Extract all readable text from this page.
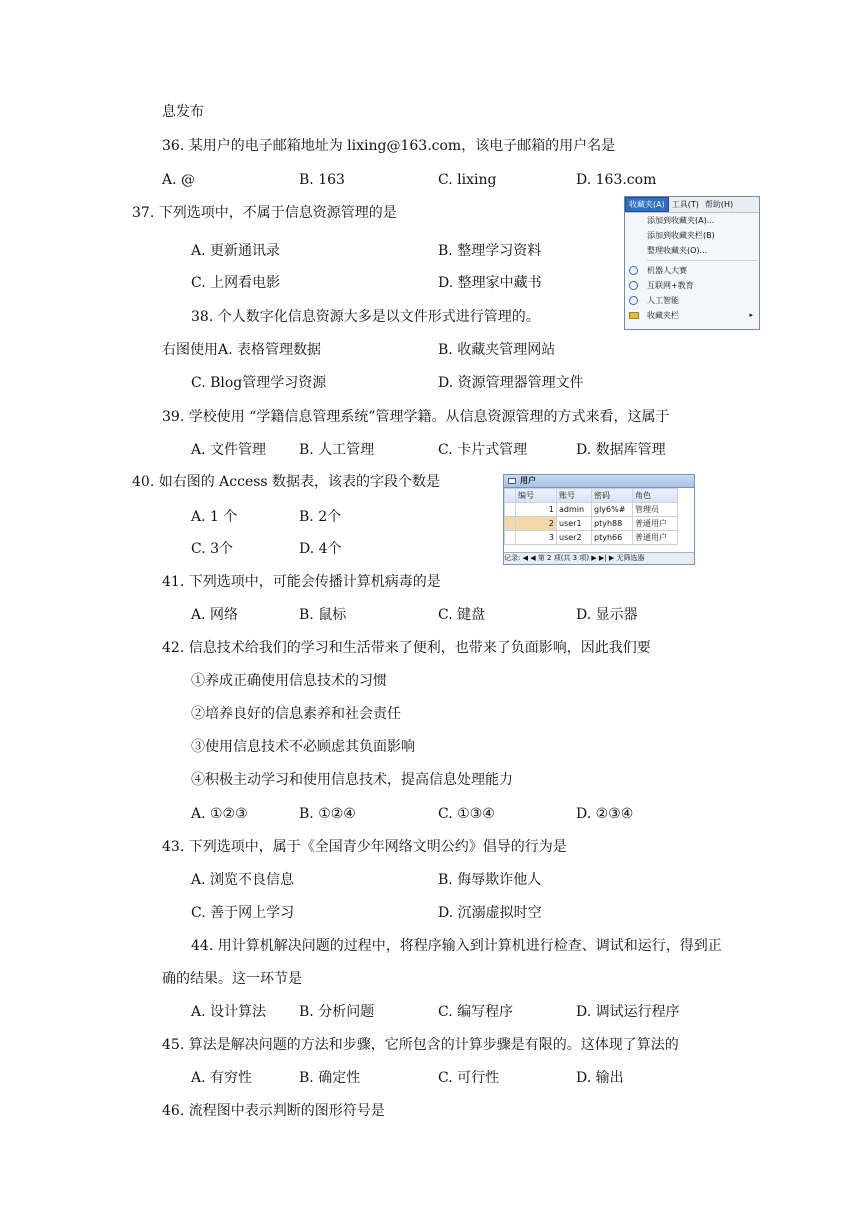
息发布
36. 某用户的电子邮箱地址为 lixing@163.com，该电子邮箱的用户名是
A. @	B. 163	C. lixing	D. 163.com
37. 下列选项中，不属于信息资源管理的是
A. 更新通讯录	B. 整理学习资料
C. 上网看电影	D. 整理家中藏书
38. 个人数字化信息资源大多是以文件形式进行管理的。
右图使用A. 表格管理数据	B. 收藏夹管理网站
C. Blog管理学习资源	D. 资源管理器管理文件
收藏夹(A) 工具(T) 帮助(H)
添加到收藏夹(A)...
添加到收藏夹栏(B)
整理收藏夹(O)...
机器人大赛
互联网+教育
人工智能
收藏夹栏	▸
39. 学校使用 “学籍信息管理系统”管理学籍。从信息资源管理的方式来看，这属于
A. 文件管理 B. 人工管理	C. 卡片式管理	D. 数据库管理
40. 如右图的 Access 数据表，该表的字段个数是
A. 1 个	B. 2个
C. 3个	D. 4个
用户
	编号	账号	密码	角色
	1	admin	gly6%#	管理员
	2	user1	ptyh88	普通用户
	3	user2	ptyh66	普通用户
记录: ◀ ◀ 第 2 项(共 3 项) ▶ ▶| ▶ 无筛选器
41. 下列选项中，可能会传播计算机病毒的是
A. 网络	B. 鼠标	C. 键盘	D. 显示器
42. 信息技术给我们的学习和生活带来了便利，也带来了负面影响，因此我们要
①养成正确使用信息技术的习惯
②培养良好的信息素养和社会责任
③使用信息技术不必顾虑其负面影响
④积极主动学习和使用信息技术，提高信息处理能力
A. ①②③	B. ①②④	C. ①③④	D. ②③④
43. 下列选项中，属于《全国青少年网络文明公约》倡导的行为是
A. 浏览不良信息	B. 侮辱欺诈他人
C. 善于网上学习	D. 沉溺虚拟时空
44. 用计算机解决问题的过程中，将程序输入到计算机进行检查、调试和运行，得到正
确的结果。这一环节是
A. 设计算法 B. 分析问题	C. 编写程序	D. 调试运行程序
45. 算法是解决问题的方法和步骤，它所包含的计算步骤是有限的。这体现了算法的
A. 有穷性	B. 确定性	C. 可行性	D. 输出
46. 流程图中表示判断的图形符号是
